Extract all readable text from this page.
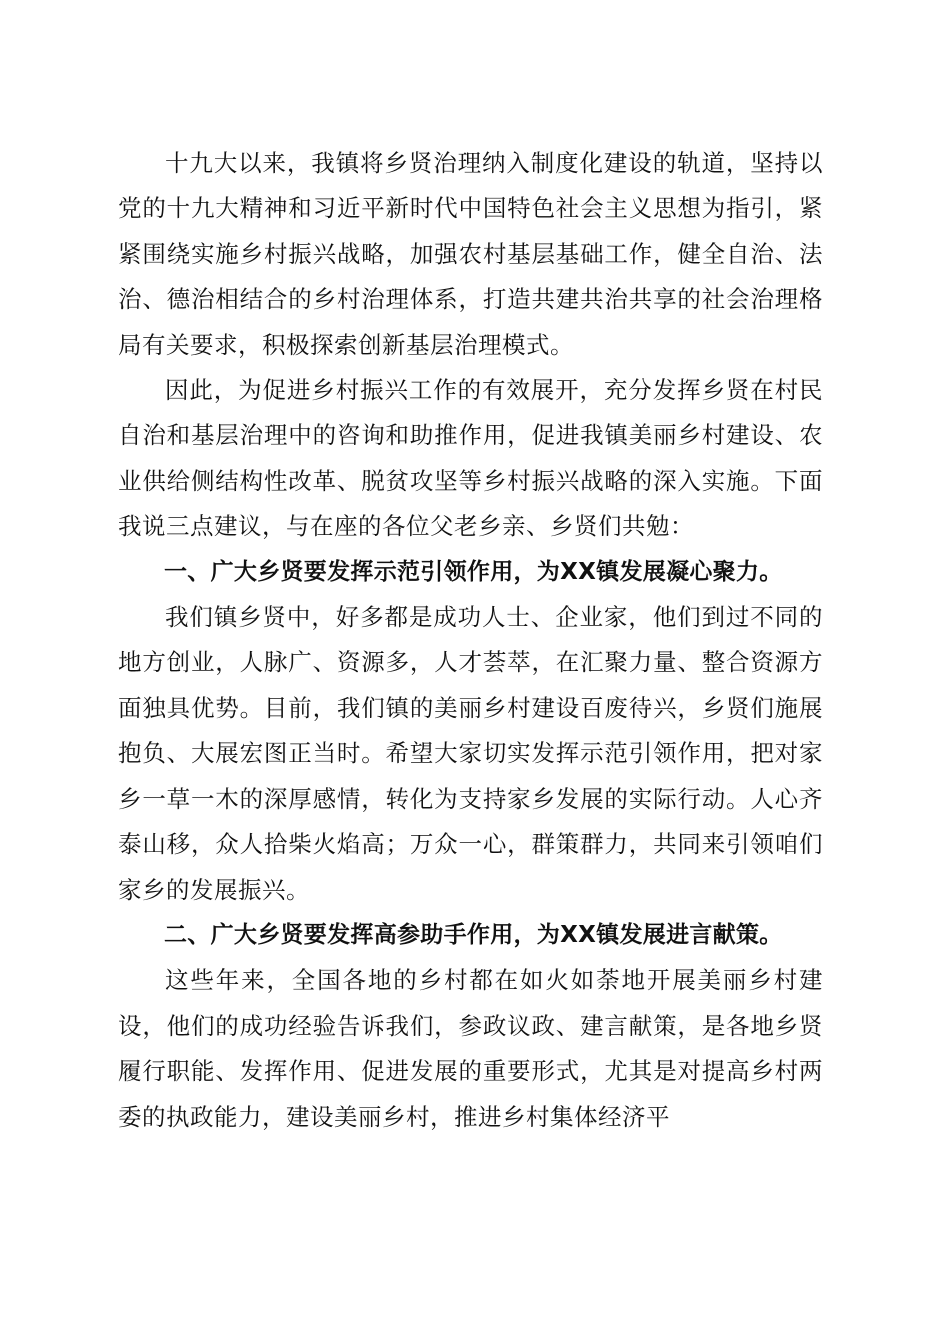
十九大以来，我镇将乡贤治理纳入制度化建设的轨道，坚持以党的十九大精神和习近平新时代中国特色社会主义思想为指引，紧紧围绕实施乡村振兴战略，加强农村基层基础工作，健全自治、法治、德治相结合的乡村治理体系，打造共建共治共享的社会治理格局有关要求，积极探索创新基层治理模式。

因此，为促进乡村振兴工作的有效展开，充分发挥乡贤在村民自治和基层治理中的咨询和助推作用，促进我镇美丽乡村建设、农业供给侧结构性改革、脱贫攻坚等乡村振兴战略的深入实施。下面我说三点建议，与在座的各位父老乡亲、乡贤们共勉：

一、广大乡贤要发挥示范引领作用，为XX镇发展凝心聚力。

我们镇乡贤中，好多都是成功人士、企业家，他们到过不同的地方创业，人脉广、资源多，人才荟萃，在汇聚力量、整合资源方面独具优势。目前，我们镇的美丽乡村建设百废待兴，乡贤们施展抱负、大展宏图正当时。希望大家切实发挥示范引领作用，把对家乡一草一木的深厚感情，转化为支持家乡发展的实际行动。人心齐泰山移，众人拾柴火焰高；万众一心，群策群力，共同来引领咱们家乡的发展振兴。

二、广大乡贤要发挥高参助手作用，为XX镇发展进言献策。

这些年来，全国各地的乡村都在如火如荼地开展美丽乡村建设，他们的成功经验告诉我们，参政议政、建言献策，是各地乡贤履行职能、发挥作用、促进发展的重要形式，尤其是对提高乡村两委的执政能力，建设美丽乡村，推进乡村集体经济平
